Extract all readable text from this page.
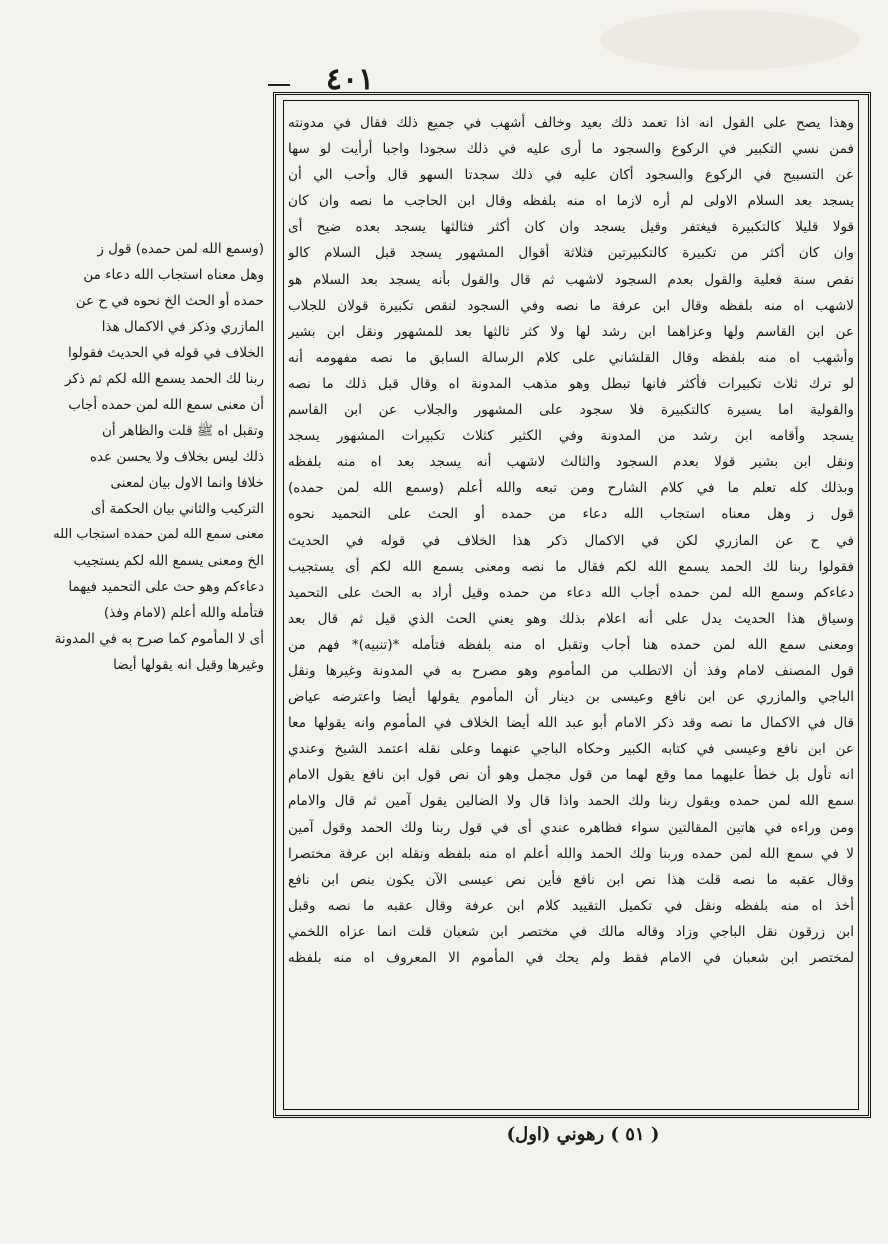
٤٠١
وهذا يصح على القول انه اذا تعمد ذلك بعيد وخالف أشهب في جميع ذلك فقال في مدونته
فمن نسي التكبير في الركوع والسجود ما أرى عليه في ذلك سجودا واجبا أرأيت لو سها
عن التسبيح في الركوع والسجود أكان عليه في ذلك سجدتا السهو قال وأحب الي أن
يسجد بعد السلام الاولى لم أره لازما اه منه بلفظه وقال ابن الحاجب ما نصه وان كان
قولا قليلا كالتكبيرة فيغتفر وقيل يسجد وان كان أكثر فثالثها يسجد بعده ضيح أى
وان كان أكثر من تكبيرة كالتكبيرتين فثلاثة أقوال المشهور يسجد قبل السلام كالو
نقص سنة فعلية والقول بعدم السجود لاشهب ثم قال والقول بأنه يسجد بعد السلام هو
لاشهب اه منه بلفظه وقال ابن عرفة ما نصه وفي السجود لنقص تكبيرة قولان للجلاب
عن ابن القاسم ولها وعزاهما ابن رشد لها ولا كثر ثالثها بعد للمشهور ونقل ابن بشير
وأشهب اه منه بلفظه وقال القلشاني على كلام الرسالة السابق ما نصه مفهومه أنه
لو ترك ثلاث تكبيرات فأكثر فانها تبطل وهو مذهب المدونة اه وقال قبل ذلك ما نصه
والقولية اما يسيرة كالتكبيرة فلا سجود على المشهور والجلاب عن ابن القاسم
يسجد وأقامه ابن رشد من المدونة وفي الكثير كثلاث تكبيرات المشهور يسجد
ونقل ابن بشير قولا بعدم السجود والثالث لاشهب أنه يسجد بعد اه منه بلفظه
وبذلك كله تعلم ما في كلام الشارح ومن تبعه والله أعلم (وسمع الله لمن حمده)
قول ز وهل معناه استجاب الله دعاء من حمده أو الحث على التحميد نحوه
في ح عن المازري لكن في الاكمال ذكر هذا الخلاف في قوله في الحديث
فقولوا ربنا لك الحمد يسمع الله لكم فقال ما نصه ومعنى يسمع الله لكم أى يستجيب
دعاءكم وسمع الله لمن حمده أجاب الله دعاء من حمده وقيل أراد به الحث على التحميد
وسياق هذا الحديث يدل على أنه اعلام بذلك وهو يعني الحث الذي قيل ثم قال بعد
ومعنى سمع الله لمن حمده هنا أجاب وتقبل اه منه بلفظه فتأمله *(تنبيه)* فهم من
قول المصنف لامام وفذ أن الاتطلب من المأموم وهو مصرح به في المدونة وغيرها ونقل
الباجي والمازري عن ابن نافع وعيسى بن دينار أن المأموم يقولها أيضا واعترضه عياض
قال في الاكمال ما نصه وقد ذكر الامام أبو عبد الله أيضا الخلاف في المأموم وانه يقولها معا
عن ابن نافع وعيسى في كتابه الكبير وحكاه الباجي عنهما وعلى نقله اعتمد الشيخ وعندي
انه تأول بل خطأ عليهما مما وقع لهما من قول مجمل وهو أن نص قول ابن نافع يقول الامام
سمع الله لمن حمده ويقول ربنا ولك الحمد واذا قال ولا الضالين يقول آمين ثم قال والامام
ومن وراءه في هاتين المقالتين سواء فظاهره عندي أى في قول ربنا ولك الحمد وقول آمين
لا في سمع الله لمن حمده وربنا ولك الحمد والله أعلم اه منه بلفظه ونقله ابن عرفة مختصرا
وقال عقبه ما نصه قلت هذا نص ابن نافع فأين نص عيسى الآن يكون بنص ابن نافع
أخذ اه منه بلفظه ونقل في تكميل التقييد كلام ابن عرفة وقال عقبه ما نصه وقبل
ابن زرقون نقل الباجي وزاد وقاله مالك في مختصر ابن شعبان قلت انما عزاه اللخمي
لمختصر ابن شعبان في الامام فقط ولم يحك في المأموم الا المعروف اه منه بلفظه
(وسمع الله لمن حمده) قول ز
وهل معناه استجاب الله دعاء من
حمده أو الحث الخ نحوه في ح عن
المازري وذكر في الاكمال هذا
الخلاف في قوله في الحديث فقولوا
ربنا لك الحمد يسمع الله لكم ثم ذكر
أن معنى سمع الله لمن حمده أجاب
وتقبل اه ﷺ قلت والظاهر أن
ذلك ليس بخلاف ولا يحسن عده
خلافا وانما الاول بيان لمعنى
التركيب والثاني بيان الحكمة أى
معنى سمع الله لمن حمده استجاب الله
الخ ومعنى يسمع الله لكم يستجيب
دعاءكم وهو حث على التحميد فيهما
فتأمله والله أعلم (لامام وفذ)
أى لا المأموم كما صرح به في المدونة
وغيرها وقيل انه يقولها أيضا
( ٥١ ) رهوني (اول)
